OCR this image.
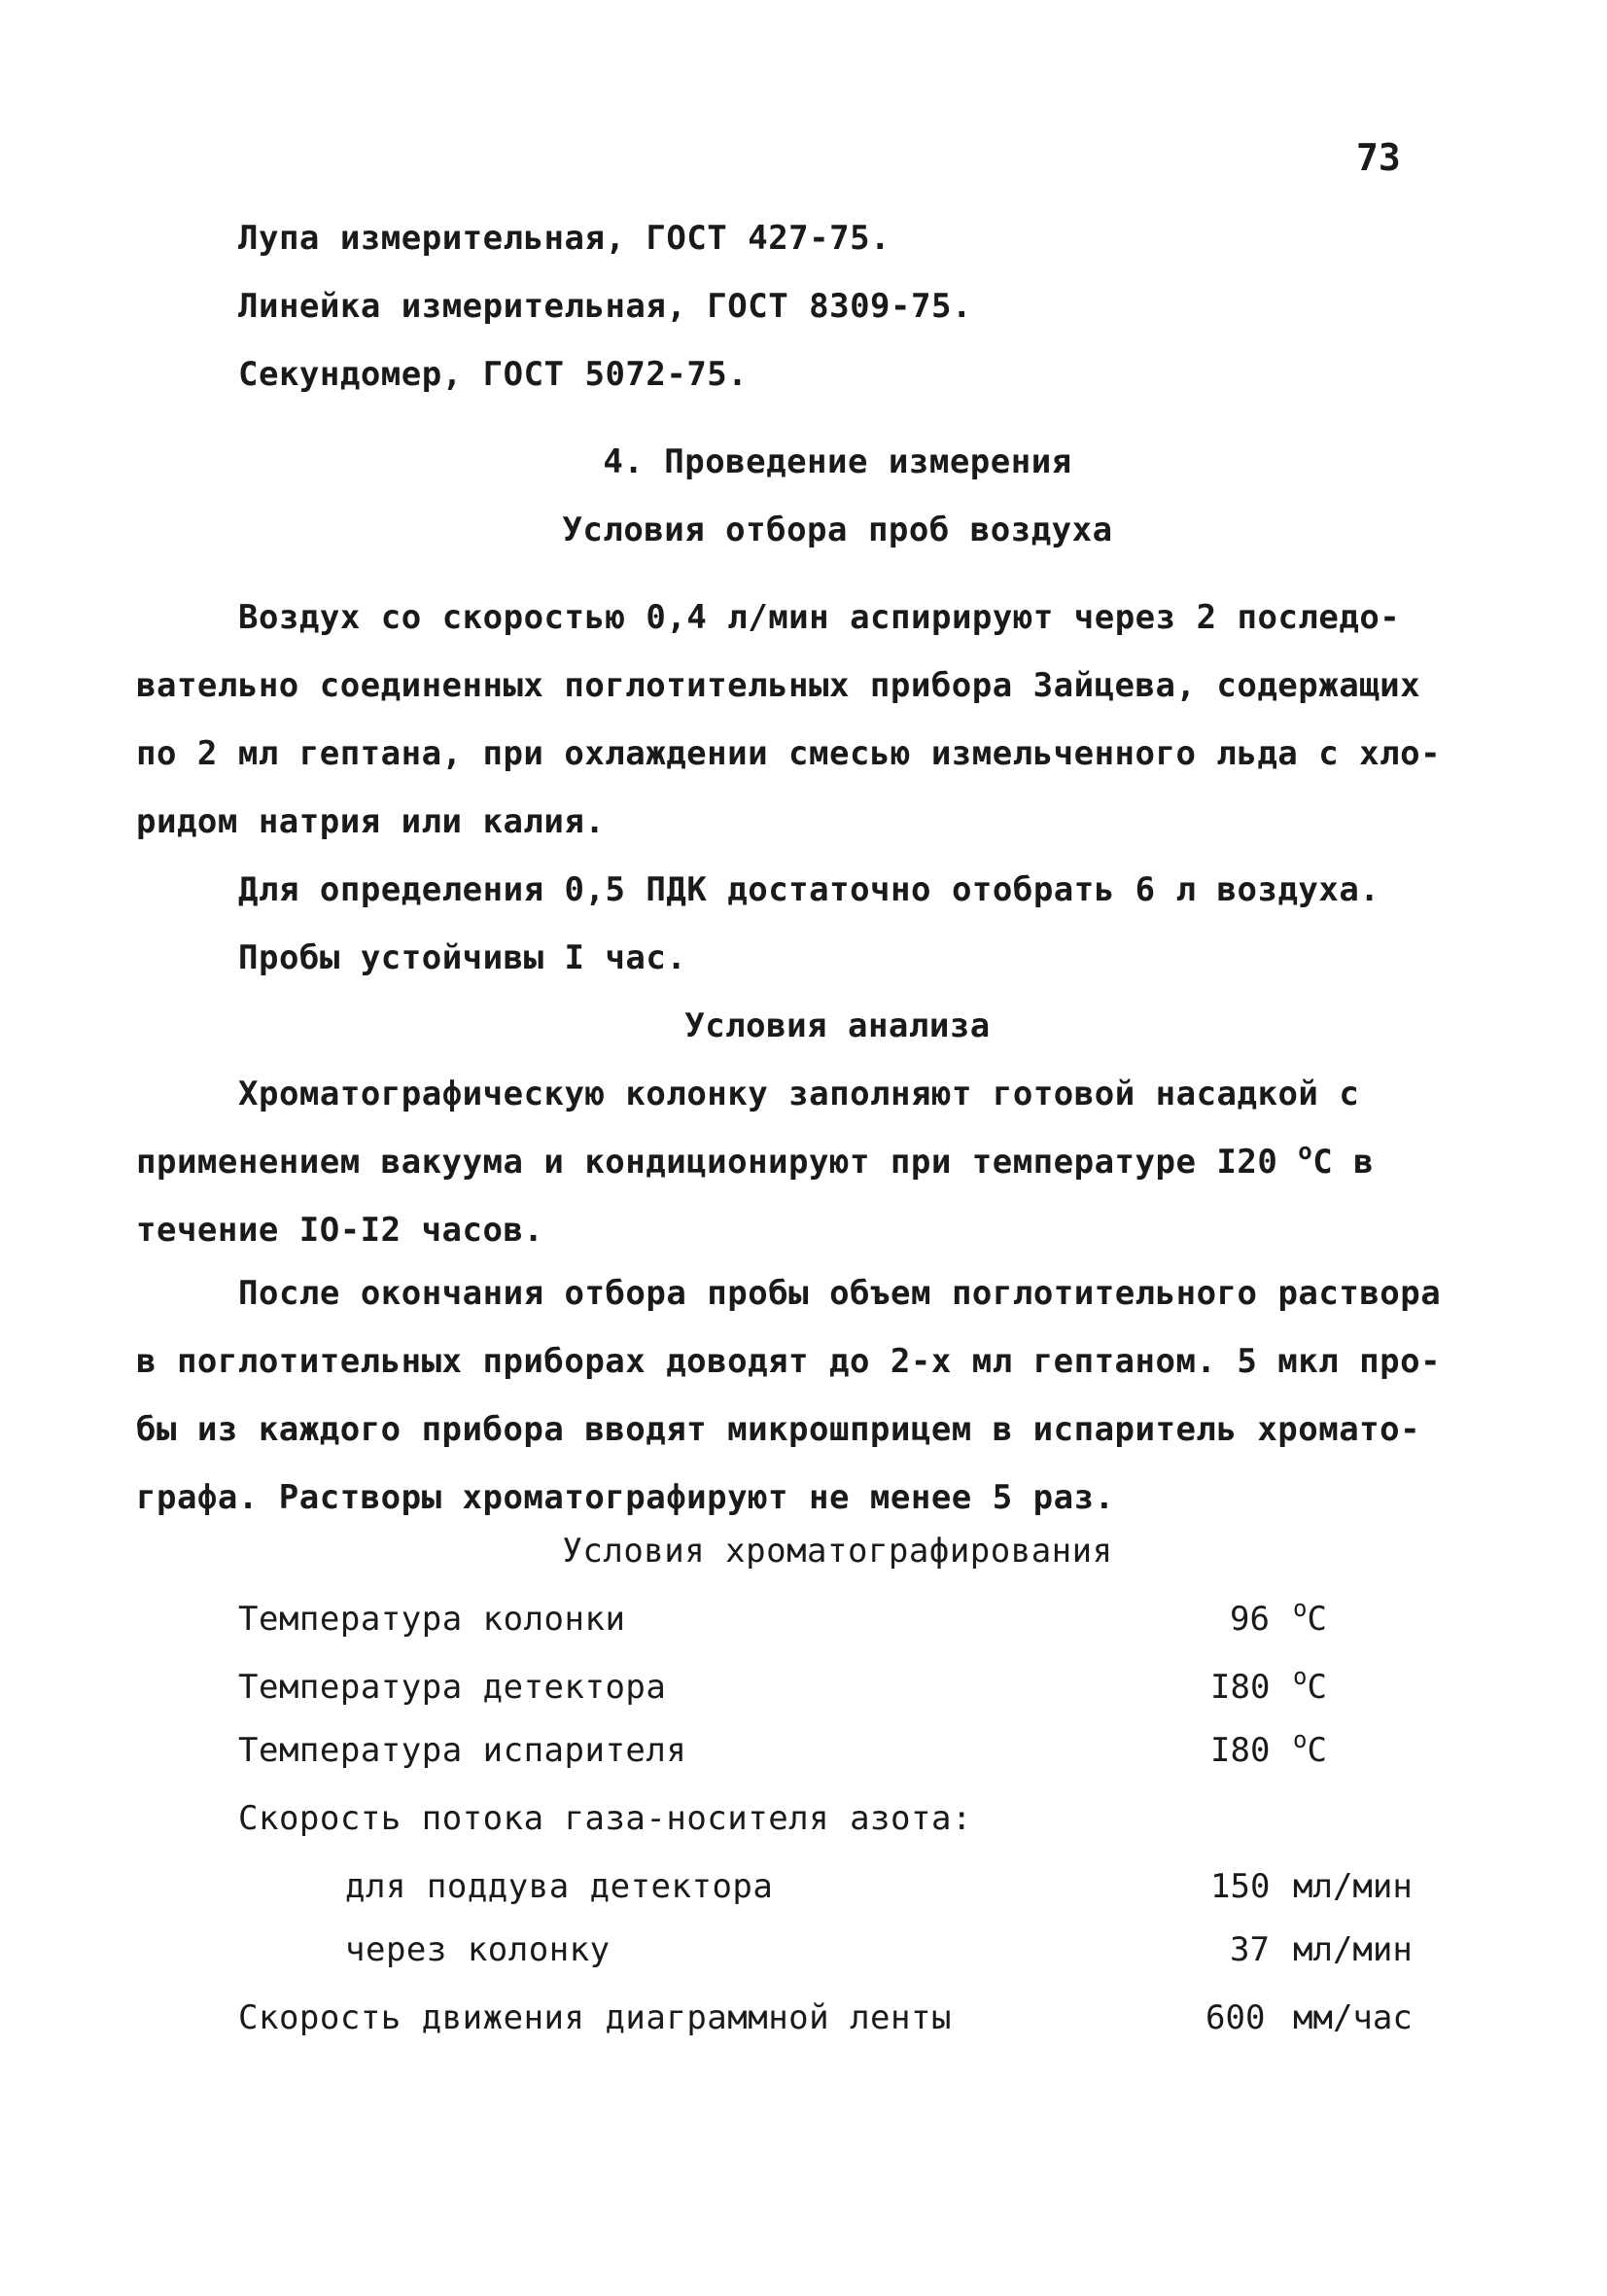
73
Лупа измерительная, ГОСТ 427-75.
Линейка измерительная, ГОСТ 8309-75.
Секундомер, ГОСТ 5072-75.
4. Проведение измерения
Условия отбора проб воздуха
Воздух со скоростью 0,4 л/мин аспирируют через 2 последо-
вательно соединенных поглотительных прибора Зайцева, содержащих
по 2 мл гептана, при охлаждении смесью измельченного льда с хло-
ридом натрия или калия.
Для определения 0,5 ПДК достаточно отобрать 6 л воздуха.
Пробы устойчивы I час.
Условия анализа
Хроматографическую колонку заполняют готовой насадкой с
применением вакуума и кондиционируют при температуре I20 $^o$С в
течение IO-I2 часов.
После окончания отбора пробы объем поглотительного раствора
в поглотительных приборах доводят до 2-х мл гептаном. 5 мкл про-
бы из каждого прибора вводят микрошприцем в испаритель хромато-
графа. Растворы хроматографируют не менее 5 раз.
Условия хроматографирования
Температура колонки	96 $^o$С
Температура детектора	I80 $^o$С
Температура испарителя	I80 $^o$С
Скорость потока газа-носителя азота:
для поддува детектора	150 мл/мин
через колонку	37 мл/мин
Скорость движения диаграммной ленты	600 мм/час
